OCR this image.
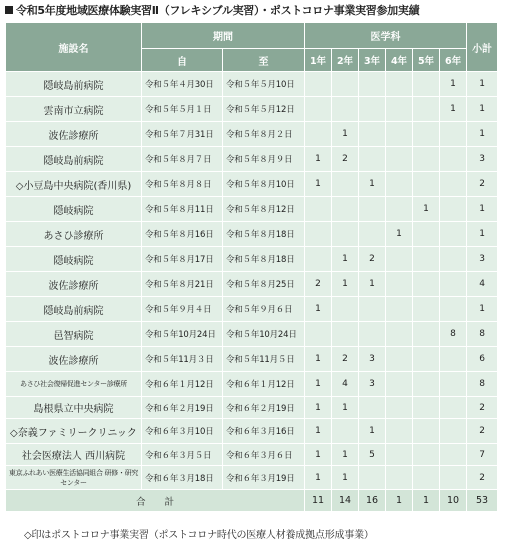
令和5年度地域医療体験実習Ⅱ（フレキシブル実習）・ポストコロナ事業実習参加実績
施設名	期間		医学科						小計
	自	至	1年	2年	3年	4年	5年	6年	
隠岐島前病院	令和５年４月30日	令和５年５月10日						1	1
雲南市立病院	令和５年５月１日	令和５年５月12日						1	1
波佐診療所	令和５年７月31日	令和５年８月２日		1					1
隠岐島前病院	令和５年８月７日	令和５年８月９日	1	2					3
◇小豆島中央病院(香川県)	令和５年８月８日	令和５年８月10日	1		1				2
隠岐病院	令和５年８月11日	令和５年８月12日					1		1
あさひ診療所	令和５年８月16日	令和５年８月18日				1			1
隠岐病院	令和５年８月17日	令和５年８月18日		1	2				3
波佐診療所	令和５年８月21日	令和５年８月25日	2	1	1				4
隠岐島前病院	令和５年９月４日	令和５年９月６日	1						1
邑智病院	令和５年10月24日	令和５年10月24日						8	8
波佐診療所	令和５年11月３日	令和５年11月５日	1	2	3				6
あさひ社会復帰促進センター診療所	令和６年１月12日	令和６年１月12日	1	4	3				8
島根県立中央病院	令和６年２月19日	令和６年２月19日	1	1					2
◇奈義ファミリークリニック	令和６年３月10日	令和６年３月16日	1		1				2
社会医療法人 西川病院	令和６年３月５日	令和６年３月６日	1	1	5				7
東京ふれあい医療生活協同組合 研修・研究センター	令和６年３月18日	令和６年３月19日	1	1					2
合　　計			11	14	16	1	1	10	53
◇印はポストコロナ事業実習（ポストコロナ時代の医療人材養成拠点形成事業）
